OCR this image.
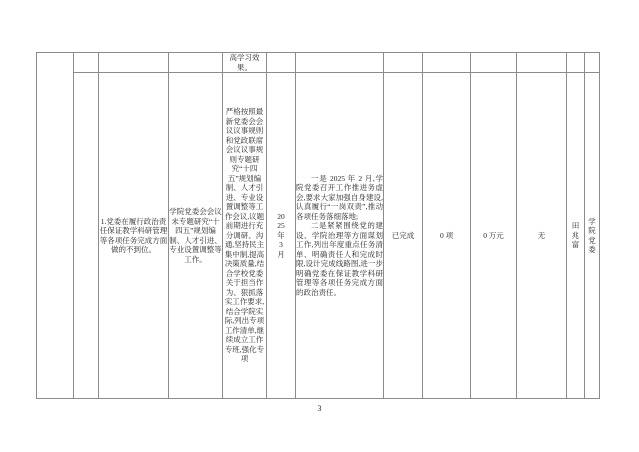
				高学习效果。								
		1.党委在履行政治责任保证教学科研管理等各项任务完成方面做的不到位。	学院党委会会议未专题研究“十四五”规划编制、人才引进、专业设置调整等工作。	严格按照最新党委会会议议事规则和党政联席会议议事规则专题研究“十四五”规划编制、人才引进、专业设置调整等工作会议,议题前期进行充分调研、沟通,坚持民主集中制,提高决策质量,结合学校党委关于担当作为、狠抓落实工作要求,结合学院实际,列出专项工作清单,继续成立工作专班,强化专项	2025年3月	一是 2025 年 2 月,学院党委召开工作推进务虚会,要求大家加强自身建设,认真履行“一岗双责”,推动各项任务落细落地;

二是紧紧围绕党的建设、学院治理等方面谋划工作,列出年度重点任务清单、明确责任人和完成时限,设计完成线路图,进一步明确党委在保证教学科研管理等各项任务完成方面的政治责任。	已完成	0 项	0 万元	无	田兆富	学院党委
3
